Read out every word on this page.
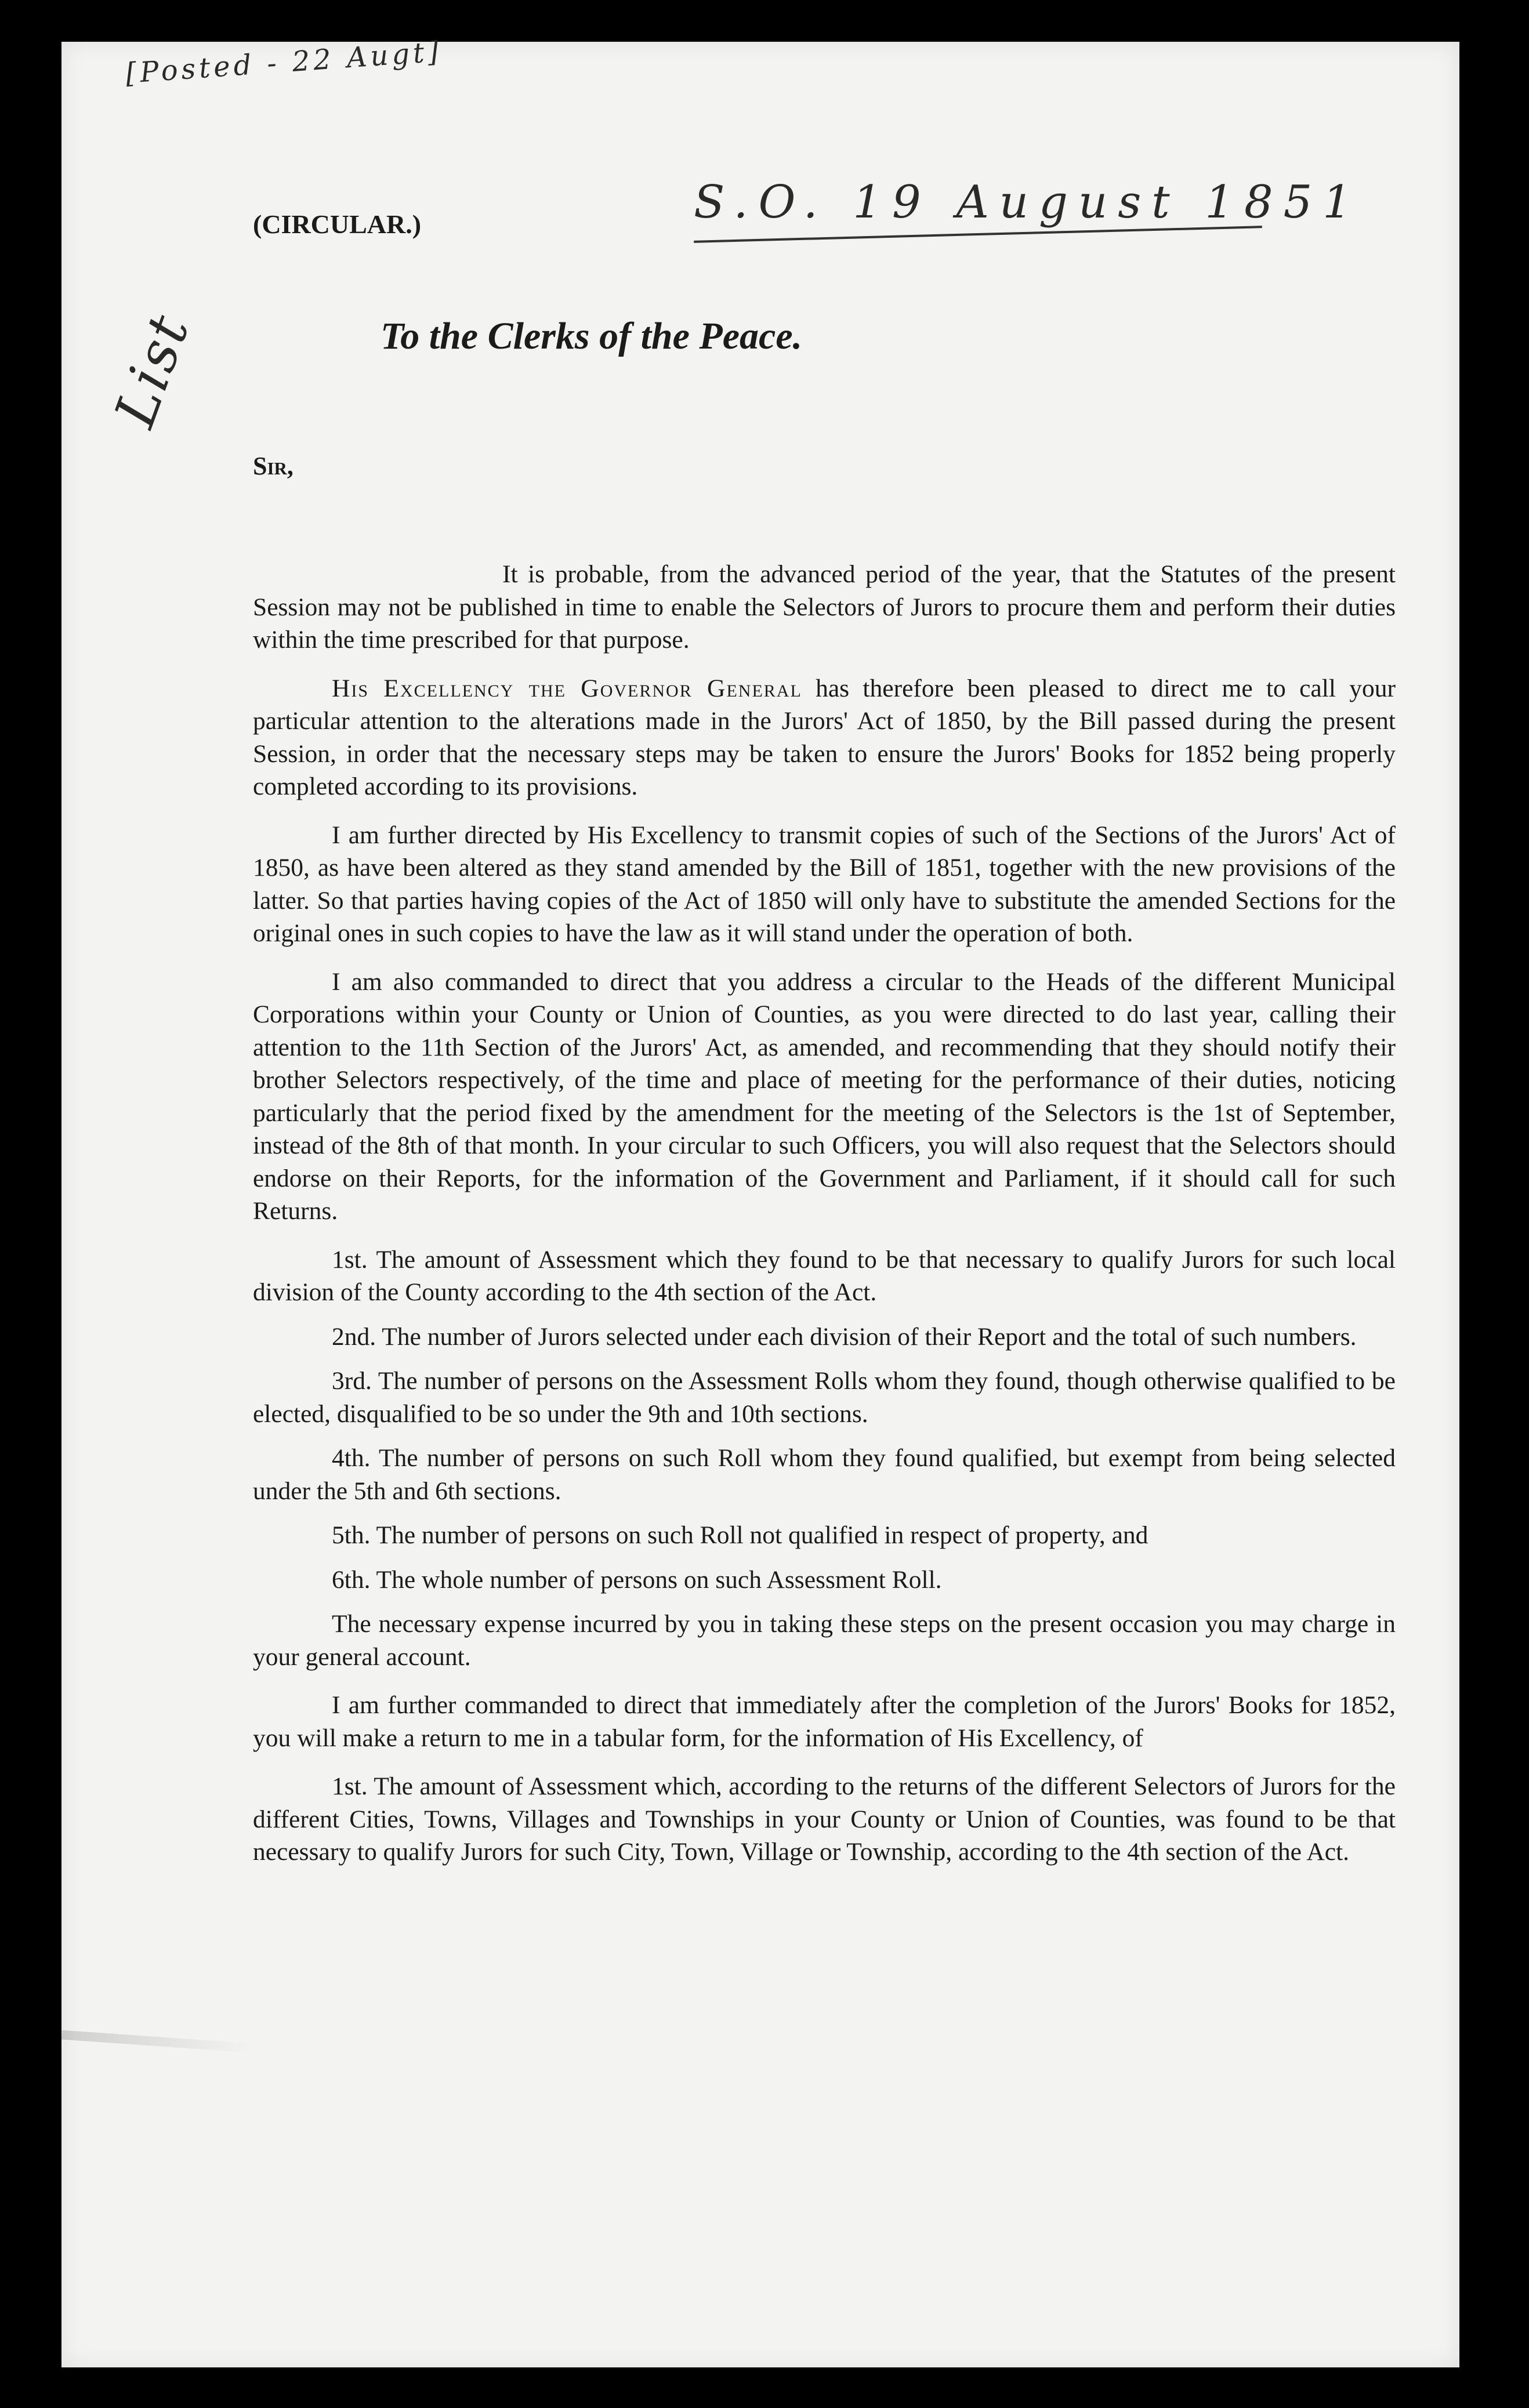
[Posted - 22 Augt]
S.O. 19 August 1851
List
(CIRCULAR.)
To the Clerks of the Peace.
Sir,

It is probable, from the advanced period of the year, that the Statutes of the present Session may not be published in time to enable the Selectors of Jurors to procure them and perform their duties within the time prescribed for that purpose.

His Excellency the Governor General has therefore been pleased to direct me to call your particular attention to the alterations made in the Jurors' Act of 1850, by the Bill passed during the present Session, in order that the necessary steps may be taken to ensure the Jurors' Books for 1852 being properly completed according to its provisions.

I am further directed by His Excellency to transmit copies of such of the Sections of the Jurors' Act of 1850, as have been altered as they stand amended by the Bill of 1851, together with the new provisions of the latter. So that parties having copies of the Act of 1850 will only have to substitute the amended Sections for the original ones in such copies to have the law as it will stand under the operation of both.

I am also commanded to direct that you address a circular to the Heads of the different Municipal Corporations within your County or Union of Counties, as you were directed to do last year, calling their attention to the 11th Section of the Jurors' Act, as amended, and recommending that they should notify their brother Selectors respectively, of the time and place of meeting for the performance of their duties, noticing particularly that the period fixed by the amendment for the meeting of the Selectors is the 1st of September, instead of the 8th of that month. In your circular to such Officers, you will also request that the Selectors should endorse on their Reports, for the information of the Government and Parliament, if it should call for such Returns.

1st. The amount of Assessment which they found to be that necessary to qualify Jurors for such local division of the County according to the 4th section of the Act.

2nd. The number of Jurors selected under each division of their Report and the total of such numbers.

3rd. The number of persons on the Assessment Rolls whom they found, though otherwise qualified to be elected, disqualified to be so under the 9th and 10th sections.

4th. The number of persons on such Roll whom they found qualified, but exempt from being selected under the 5th and 6th sections.

5th. The number of persons on such Roll not qualified in respect of property, and

6th. The whole number of persons on such Assessment Roll.

The necessary expense incurred by you in taking these steps on the present occasion you may charge in your general account.

I am further commanded to direct that immediately after the completion of the Jurors' Books for 1852, you will make a return to me in a tabular form, for the information of His Excellency, of

1st. The amount of Assessment which, according to the returns of the different Selectors of Jurors for the different Cities, Towns, Villages and Townships in your County or Union of Counties, was found to be that necessary to qualify Jurors for such City, Town, Village or Township, according to the 4th section of the Act.
